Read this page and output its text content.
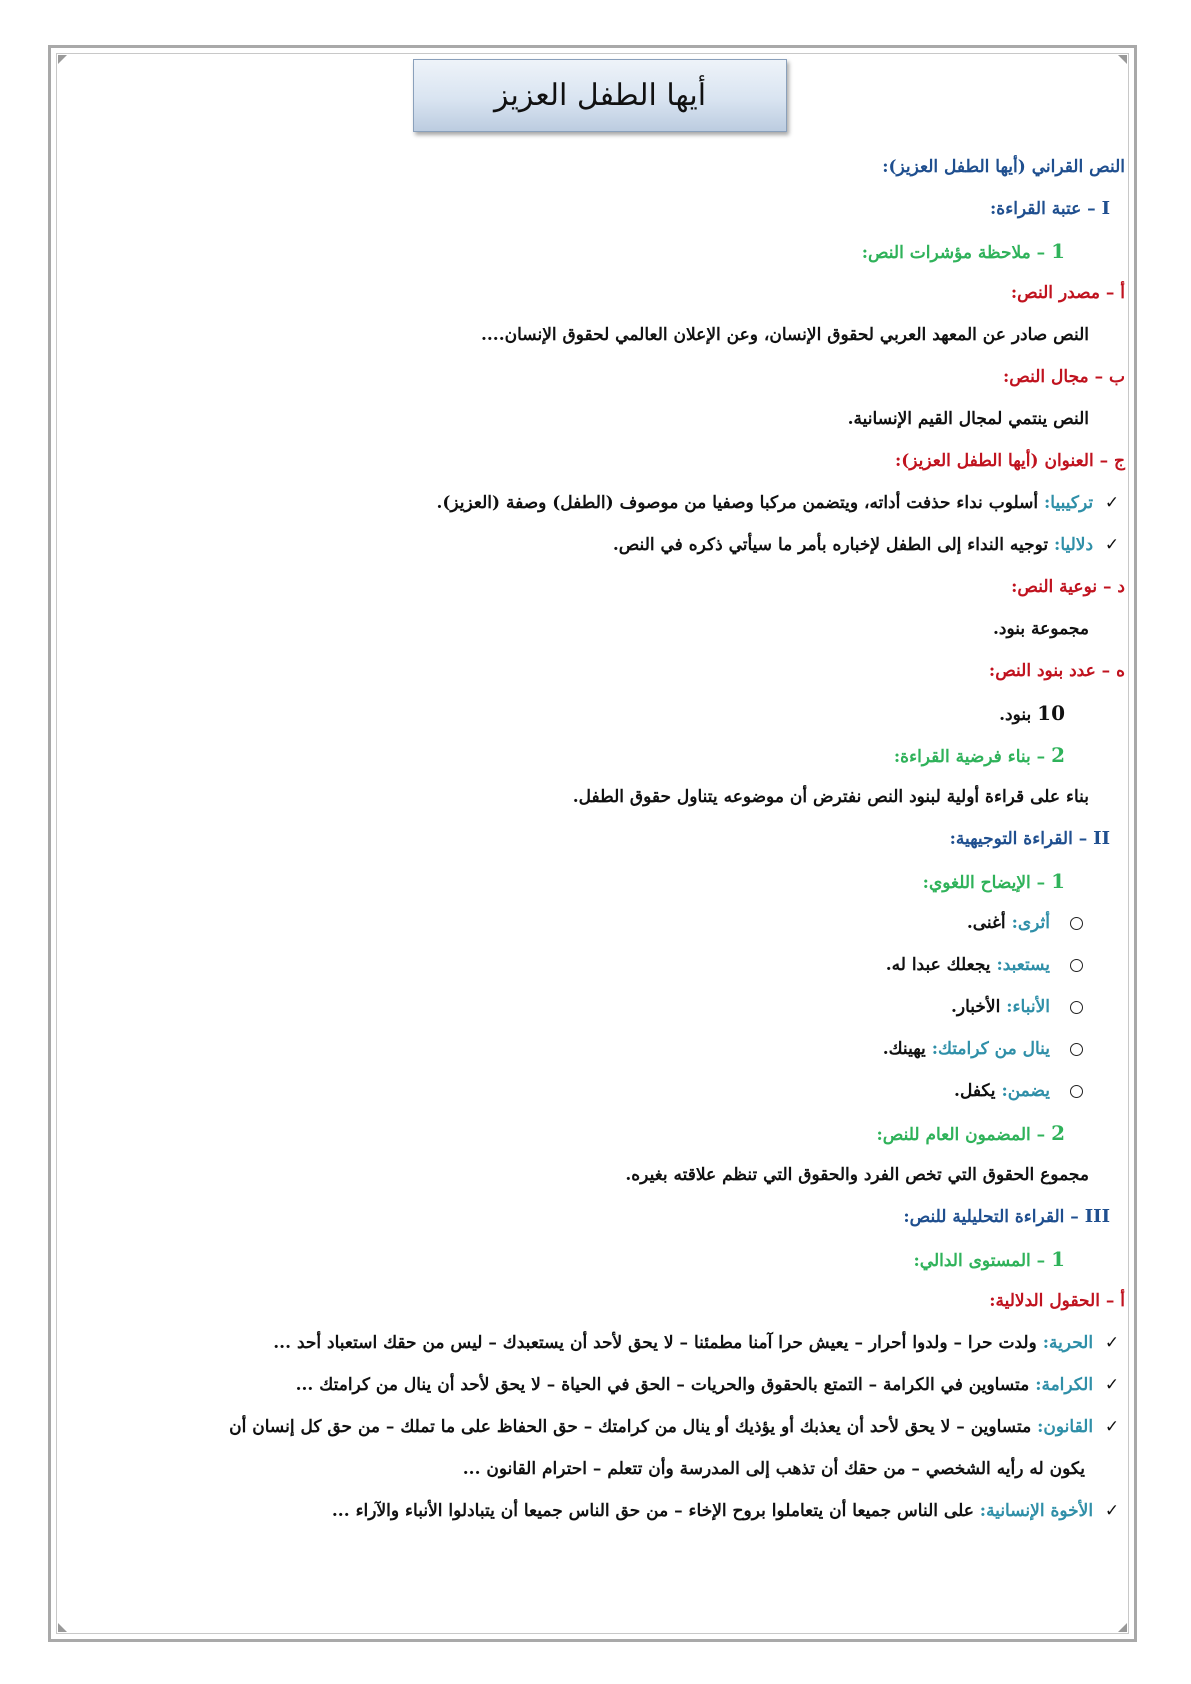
أيها الطفل العزيز
النص القراني (أيها الطفل العزيز):
I – عتبة القراءة:
1 – ملاحظة مؤشرات النص:
أ – مصدر النص:
النص صادر عن المعهد العربي لحقوق الإنسان، وعن الإعلان العالمي لحقوق الإنسان....
ب – مجال النص:
النص ينتمي لمجال القيم الإنسانية.
ج – العنوان (أيها الطفل العزيز):
✓ تركيبيا: أسلوب نداء حذفت أداته، ويتضمن مركبا وصفيا من موصوف (الطفل) وصفة (العزيز).
✓ دلاليا: توجيه النداء إلى الطفل لإخباره بأمر ما سيأتي ذكره في النص.
د – نوعية النص:
مجموعة بنود.
ه – عدد بنود النص:
10 بنود.
2 – بناء فرضية القراءة:
بناء على قراءة أولية لبنود النص نفترض أن موضوعه يتناول حقوق الطفل.
II – القراءة التوجيهية:
1 – الإيضاح اللغوي:
أثرى: أغنى.
يستعبد: يجعلك عبدا له.
الأنباء: الأخبار.
ينال من كرامتك: يهينك.
يضمن: يكفل.
2 – المضمون العام للنص:
مجموع الحقوق التي تخص الفرد والحقوق التي تنظم علاقته بغيره.
III – القراءة التحليلية للنص:
1 – المستوى الدالي:
أ – الحقول الدلالية:
✓ الحرية: ولدت حرا – ولدوا أحرار – يعيش حرا آمنا مطمئنا – لا يحق لأحد أن يستعبدك – ليس من حقك استعباد أحد ...
✓ الكرامة: متساوين في الكرامة – التمتع بالحقوق والحريات – الحق في الحياة – لا يحق لأحد أن ينال من كرامتك ...
✓ القانون: متساوين – لا يحق لأحد أن يعذبك أو يؤذيك أو ينال من كرامتك – حق الحفاظ على ما تملك – من حق كل إنسان أن
يكون له رأيه الشخصي – من حقك أن تذهب إلى المدرسة وأن تتعلم – احترام القانون ...
✓ الأخوة الإنسانية: على الناس جميعا أن يتعاملوا بروح الإخاء – من حق الناس جميعا أن يتبادلوا الأنباء والآراء ...
